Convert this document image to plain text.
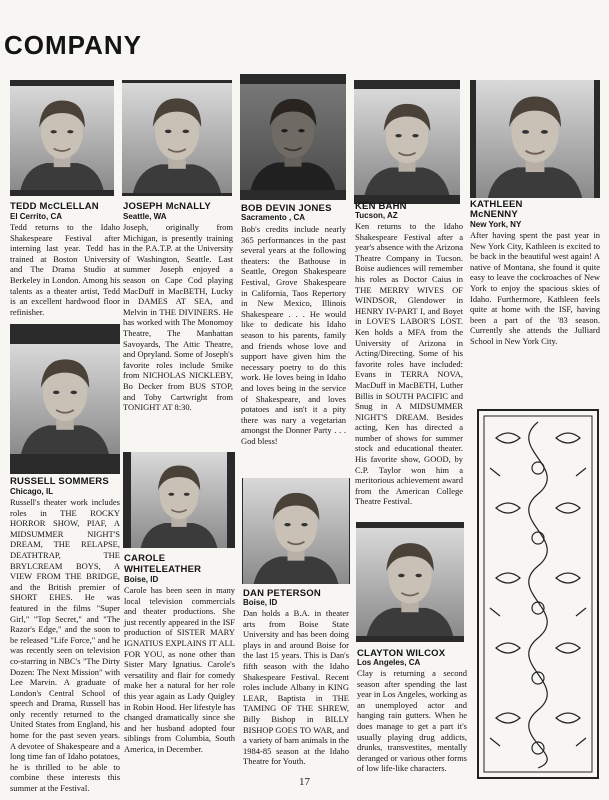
COMPANY
TEDD McCLELLAN
El Cerrito, CA
Tedd returns to the Idaho Shakespeare Festival after interning last year. Tedd has trained at Boston University and The Drama Studio at Berkeley in London. Among his talents as a theater artist, Tedd is an excellent hardwood floor refinisher.
JOSEPH McNALLY
Seattle, WA
Joseph, originally from Michigan, is presently training in the P.A.T.P. at the University of Washington, Seattle. Last summer Joseph enjoyed a season on Cape Cod playing MacDuff in MacBETH, Lucky in DAMES AT SEA, and Melvin in THE DIVINERS. He has worked with The Monomoy Theatre, The Manhattan Savoyards, The Attic Theatre, and Opryland. Some of Joseph's favorite roles include Smike from NICHOLAS NICKLEBY, Bo Decker from BUS STOP, and Toby Cartwright from TONIGHT AT 8:30.
BOB DEVIN JONES
Sacramento , CA
Bob's credits include nearly 365 performances in the past several years at the following theaters: the Bathouse in Seattle, Oregon Shakespeare Festival, Grove Shakespeare in California, Taos Repertory in New Mexico, Illinois Shakespeare . . . He would like to dedicate his Idaho season to his parents, family and friends whose love and support have given him the necessary poetry to do this work. He loves being in Idaho and loves being in the service of Shakespeare, and loves potatoes and isn't it a pity there was nary a vegetarian amongst the Donner Party . . . God bless!
KEN BAHN
Tucson, AZ
Ken returns to the Idaho Shakespeare Festival after a year's absence with the Arizona Theatre Company in Tucson. Boise audiences will remember his roles as Doctor Caius in THE MERRY WIVES OF WINDSOR, Glendower in HENRY IV-PART I, and Boyet in LOVE'S LABOR'S LOST. Ken holds a MFA from the University of Arizona in Acting/Directing. Some of his favorite roles have included: Evans in TERRA NOVA, MacDuff in MacBETH, Luther Billis in SOUTH PACIFIC and Snug in A MIDSUMMER NIGHT'S DREAM. Besides acting, Ken has directed a number of shows for summer stock and educational theater. His favorite show, GOOD, by C.P. Taylor won him a meritorious achievement award from the American College Theatre Festival.
KATHLEEN
McNENNY
New York, NY
After having spent the past year in New York City, Kathleen is excited to be back in the beautiful west again! A native of Montana, she found it quite easy to leave the cockroaches of New York to enjoy the spacious skies of Idaho. Furthermore, Kathleen feels quite at home with the ISF, having been a part of the '83 season. Currently she attends the Julliard School in New York City.
RUSSELL SOMMERS
Chicago, IL
Russell's theater work includes roles in THE ROCKY HORROR SHOW, PIAF, A MIDSUMMER NIGHT'S DREAM, THE RELAPSE, DEATHTRAP, THE BRYLCREAM BOYS, A VIEW FROM THE BRIDGE, and the British premier of SHORT EHES. He was featured in the films "Super Girl," "Top Secret," and "The Razor's Edge," and the soon to be released "Life Force," and he was recently seen on television co-starring in NBC's "The Dirty Dozen: The Next Mission" with Lee Marvin. A graduate of London's Central School of speech and Drama, Russell has only recently returned to the United States from England, his home for the past seven years. A devotee of Shakespeare and a long time fan of Idaho potatoes, he is thrilled to be able to combine these interests this summer at the Festival.
CAROLE
WHITELEATHER
Boise, ID
Carole has been seen in many local television commercials and theater productions. She just recently appeared in the ISF production of SISTER MARY IGNATIUS EXPLAINS IT ALL FOR YOU, as none other than Sister Mary Ignatius. Carole's versatility and flair for comedy make her a natural for her role this year again as Lady Quigley in Robin Hood. Her lifestyle has changed dramatically since she and her husband adopted four siblings from Columbia, South America, in December.
DAN PETERSON
Boise, ID
Dan holds a B.A. in theater arts from Boise State University and has been doing plays in and around Boise for the last 15 years. This is Dan's fifth season with the Idaho Shakespeare Festival. Recent roles include Albany in KING LEAR, Baptista in THE TAMING OF THE SHREW, Billy Bishop in BILLY BISHOP GOES TO WAR, and a variety of barn animals in the 1984-85 season at the Idaho Theatre for Youth.
CLAYTON WILCOX
Los Angeles, CA
Clay is returning a second season after spending the last year in Los Angeles, working as an unemployed actor and hanging rain gutters. When he does manage to get a part it's usually playing drug addicts, drunks, transvestites, mentally deranged or various other forms of low life-like characters.
17
